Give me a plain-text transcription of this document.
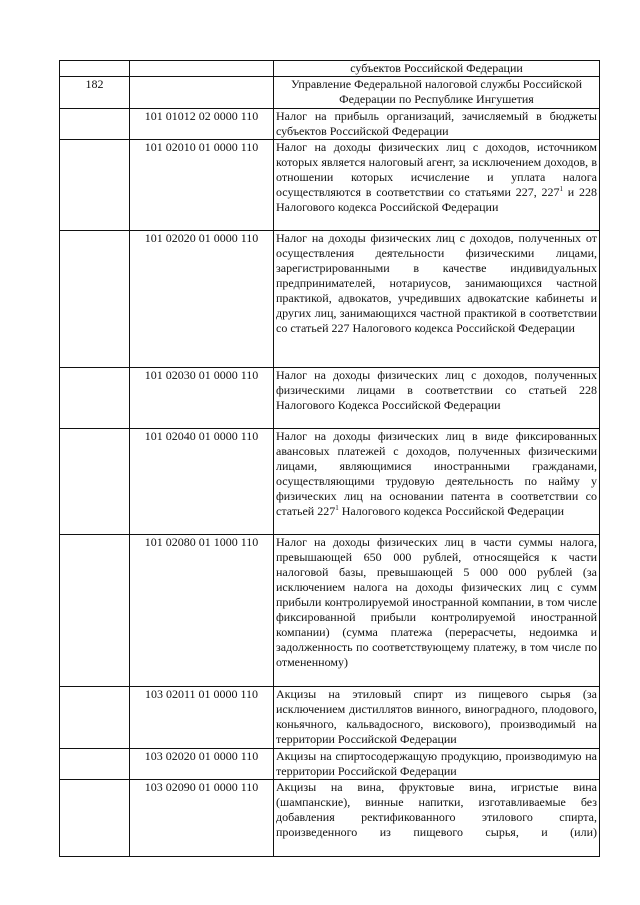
		субъектов Российской Федерации
182		Управление Федеральной налоговой службы Российской Федерации по Республике Ингушетия
	101 01012 02 0000 110	Налог на прибыль организаций, зачисляемый в бюджеты субъектов Российской Федерации
	101 02010 01 0000 110	Налог на доходы физических лиц с доходов, источником которых является налоговый агент, за исключением доходов, в отношении которых исчисление и уплата налога осуществляются в соответствии со статьями 227, $227^1$ и 228 Налогового кодекса Российской Федерации
	101 02020 01 0000 110	Налог на доходы физических лиц с доходов, полученных от осуществления деятельности физическими лицами, зарегистрированными в качестве индивидуальных предпринимателей, нотариусов, занимающихся частной практикой, адвокатов, учредивших адвокатские кабинеты и других лиц, занимающихся частной практикой в соответствии со статьей 227 Налогового кодекса Российской Федерации
	101 02030 01 0000 110	Налог на доходы физических лиц с доходов, полученных физическими лицами в соответствии со статьей 228 Налогового Кодекса Российской Федерации
	101 02040 01 0000 110	Налог на доходы физических лиц в виде фиксированных авансовых платежей с доходов, полученных физическими лицами, являющимися иностранными гражданами, осуществляющими трудовую деятельность по найму у физических лиц на основании патента в соответствии со статьей $227^1$ Налогового кодекса Российской Федерации
	101 02080 01 1000 110	Налог на доходы физических лиц в части суммы налога, превышающей 650 000 рублей, относящейся к части налоговой базы, превышающей 5 000 000 рублей (за исключением налога на доходы физических лиц с сумм прибыли контролируемой иностранной компании, в том числе фиксированной прибыли контролируемой иностранной компании) (сумма платежа (перерасчеты, недоимка и задолженность по соответствующему платежу, в том числе по отмененному)
	103 02011 01 0000 110	Акцизы на этиловый спирт из пищевого сырья (за исключением дистиллятов винного, виноградного, плодового, коньячного, кальвадосного, вискового), производимый на территории Российской Федерации
	103 02020 01 0000 110	Акцизы на спиртосодержащую продукцию, производимую на территории Российской Федерации
	103 02090 01 0000 110	Акцизы на вина, фруктовые вина, игристые вина (шампанские), винные напитки, изготавливаемые без добавления ректификованного этилового спирта, произведенного из пищевого сырья, и (или)
